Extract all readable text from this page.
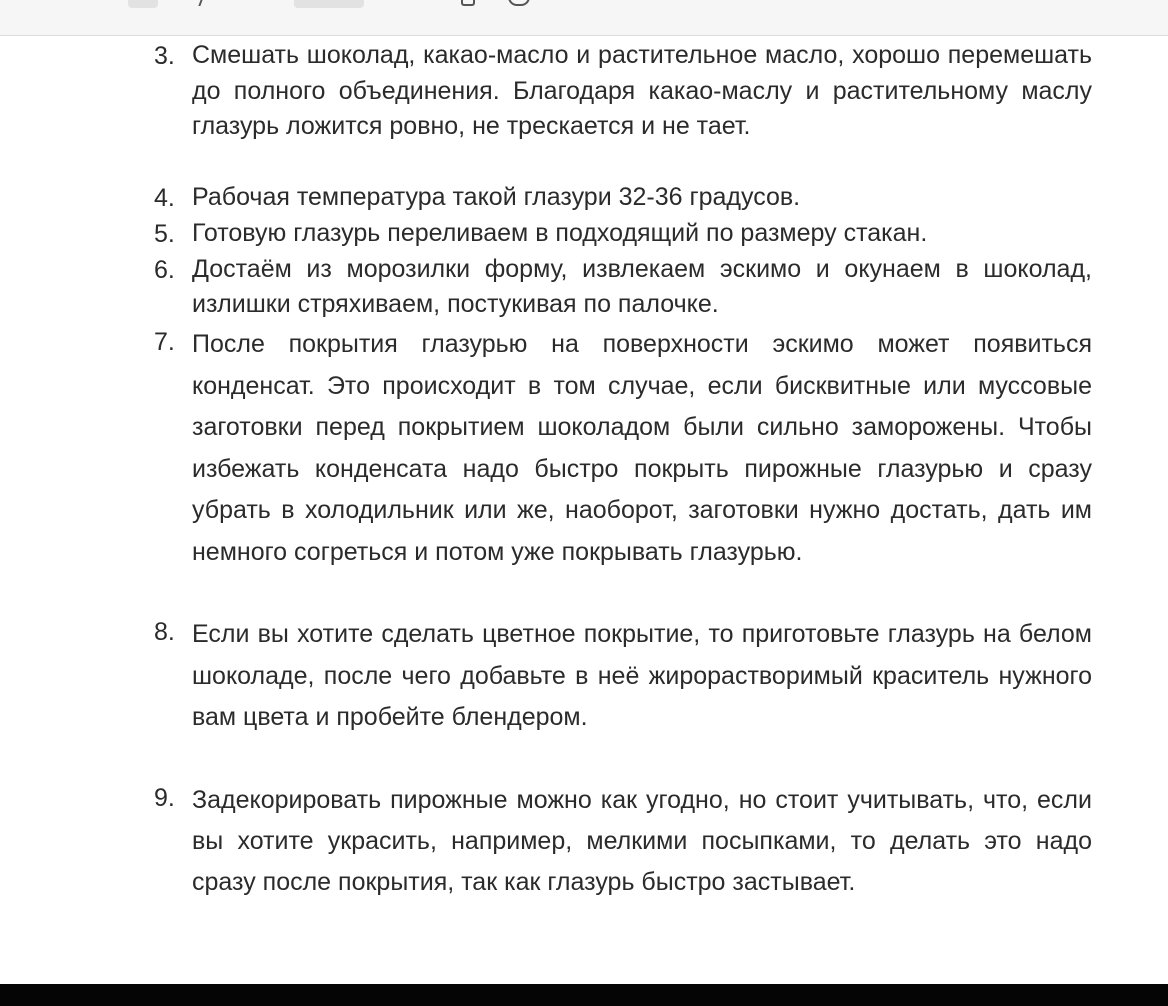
3. Смешать шоколад, какао-масло и растительное масло, хорошо перемешать до полного объединения. Благодаря какао-маслу и растительному маслу глазурь ложится ровно, не трескается и не тает.
4. Рабочая температура такой глазури 32-36 градусов.
5. Готовую глазурь переливаем в подходящий по размеру стакан.
6. Достаём из морозилки форму, извлекаем эскимо и окунаем в шоколад, излишки стряхиваем, постукивая по палочке.
7. После покрытия глазурью на поверхности эскимо может появиться конденсат. Это происходит в том случае, если бисквитные или муссовые заготовки перед покрытием шоколадом были сильно заморожены. Чтобы избежать конденсата надо быстро покрыть пирожные глазурью и сразу убрать в холодильник или же, наоборот, заготовки нужно достать, дать им немного согреться и потом уже покрывать глазурью.
8. Если вы хотите сделать цветное покрытие, то приготовьте глазурь на белом шоколаде, после чего добавьте в неё жирорастворимый краситель нужного вам цвета и пробейте блендером.
9. Задекорировать пирожные можно как угодно, но стоит учитывать, что, если вы хотите украсить, например, мелкими посыпками, то делать это надо сразу после покрытия, так как глазурь быстро застывает.
